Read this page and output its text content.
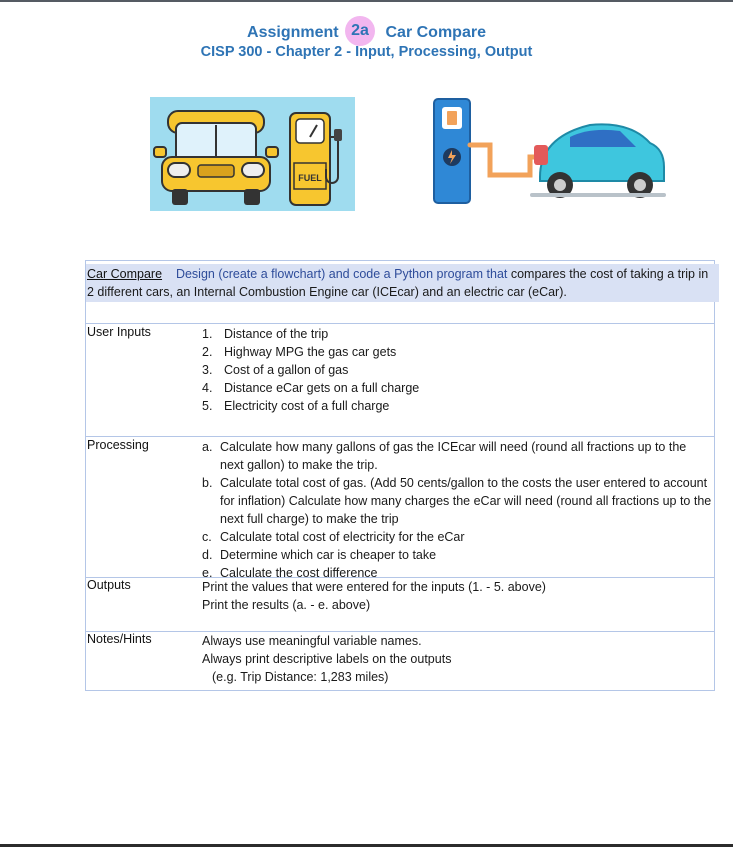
Assignment 2a Car Compare
CISP 300 - Chapter 2 - Input, Processing, Output
FUEL
Car Compare Design (create a flowchart) and code a Python program that compares the cost of taking a trip in 2 different cars, an Internal Combustion Engine car (ICEcar) and an electric car (eCar).
User Inputs	1. Distance of the trip
2. Highway MPG the gas car gets
3. Cost of a gallon of gas
4. Distance eCar gets on a full charge
5. Electricity cost of a full charge
Processing	a. Calculate how many gallons of gas the ICEcar will need (round all fractions up to the next gallon) to make the trip.
b. Calculate total cost of gas. (Add 50 cents/gallon to the costs the user entered to account for inflation) Calculate how many charges the eCar will need (round all fractions up to the next full charge) to make the trip
c. Calculate total cost of electricity for the eCar
d. Determine which car is cheaper to take
e. Calculate the cost difference
Outputs	Print the values that were entered for the inputs (1. - 5. above)
Print the results (a. - e. above)
Notes/Hints	Always use meaningful variable names.
Always print descriptive labels on the outputs
(e.g. Trip Distance: 1,283 miles)
